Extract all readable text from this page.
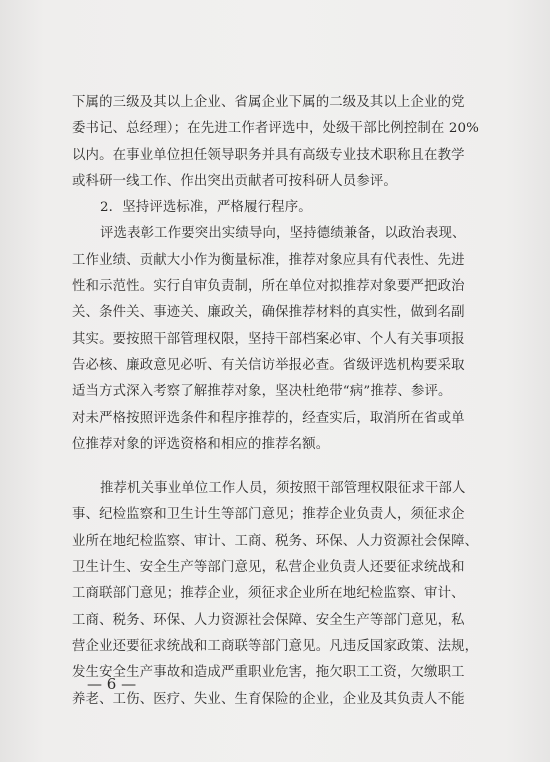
下属的三级及其以上企业、省属企业下属的二级及其以上企业的党
委书记、总经理）；在先进工作者评选中，处级干部比例控制在 20%
以内。在事业单位担任领导职务并具有高级专业技术职称且在教学
或科研一线工作、作出突出贡献者可按科研人员参评。
2．坚持评选标准，严格履行程序。
评选表彰工作要突出实绩导向，坚持德绩兼备，以政治表现、
工作业绩、贡献大小作为衡量标准，推荐对象应具有代表性、先进
性和示范性。实行自审负责制，所在单位对拟推荐对象要严把政治
关、条件关、事迹关、廉政关，确保推荐材料的真实性，做到名副
其实。要按照干部管理权限，坚持干部档案必审、个人有关事项报
告必核、廉政意见必听、有关信访举报必查。省级评选机构要采取
适当方式深入考察了解推荐对象，坚决杜绝带“病”推荐、参评。
对未严格按照评选条件和程序推荐的，经查实后，取消所在省或单
位推荐对象的评选资格和相应的推荐名额。
推荐机关事业单位工作人员，须按照干部管理权限征求干部人
事、纪检监察和卫生计生等部门意见；推荐企业负责人，须征求企
业所在地纪检监察、审计、工商、税务、环保、人力资源社会保障、
卫生计生、安全生产等部门意见，私营企业负责人还要征求统战和
工商联部门意见；推荐企业，须征求企业所在地纪检监察、审计、
工商、税务、环保、人力资源社会保障、安全生产等部门意见，私
营企业还要征求统战和工商联等部门意见。凡违反国家政策、法规，
发生安全生产事故和造成严重职业危害，拖欠职工工资，欠缴职工
养老、工伤、医疗、失业、生育保险的企业，企业及其负责人不能
— 6 —
